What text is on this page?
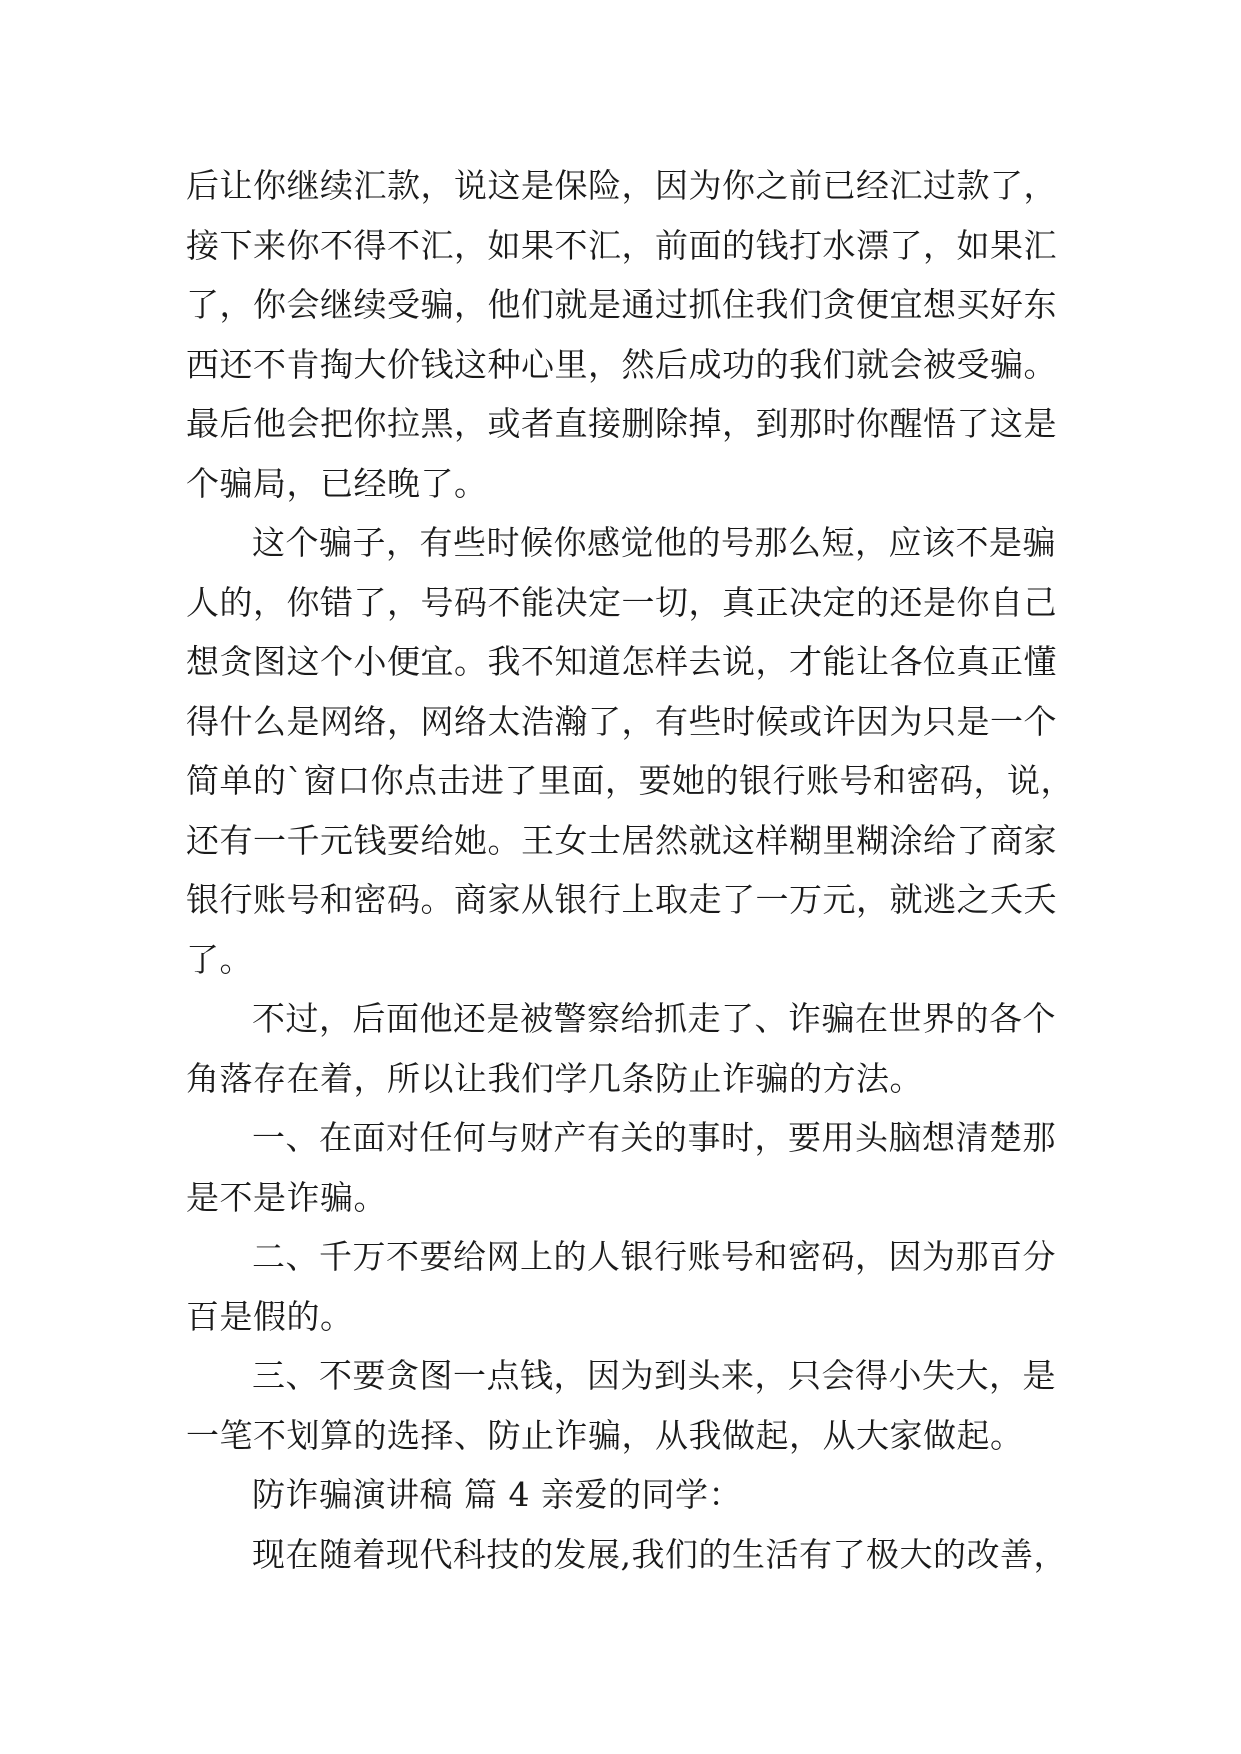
后让你继续汇款，说这是保险，因为你之前已经汇过款了，
接下来你不得不汇，如果不汇，前面的钱打水漂了，如果汇
了，你会继续受骗，他们就是通过抓住我们贪便宜想买好东
西还不肯掏大价钱这种心里，然后成功的我们就会被受骗。
最后他会把你拉黑，或者直接删除掉，到那时你醒悟了这是
个骗局，已经晚了。

这个骗子，有些时候你感觉他的号那么短，应该不是骗
人的，你错了，号码不能决定一切，真正决定的还是你自己
想贪图这个小便宜。我不知道怎样去说，才能让各位真正懂
得什么是网络，网络太浩瀚了，有些时候或许因为只是一个
简单的`窗口你点击进了里面，要她的银行账号和密码，说，
还有一千元钱要给她。王女士居然就这样糊里糊涂给了商家
银行账号和密码。商家从银行上取走了一万元，就逃之夭夭
了。

不过，后面他还是被警察给抓走了、诈骗在世界的各个
角落存在着，所以让我们学几条防止诈骗的方法。

一、在面对任何与财产有关的事时，要用头脑想清楚那
是不是诈骗。

二、千万不要给网上的人银行账号和密码，因为那百分
百是假的。

三、不要贪图一点钱，因为到头来，只会得小失大，是
一笔不划算的选择、防止诈骗，从我做起，从大家做起。

防诈骗演讲稿 篇 4 亲爱的同学：

现在随着现代科技的发展,我们的生活有了极大的改善，
